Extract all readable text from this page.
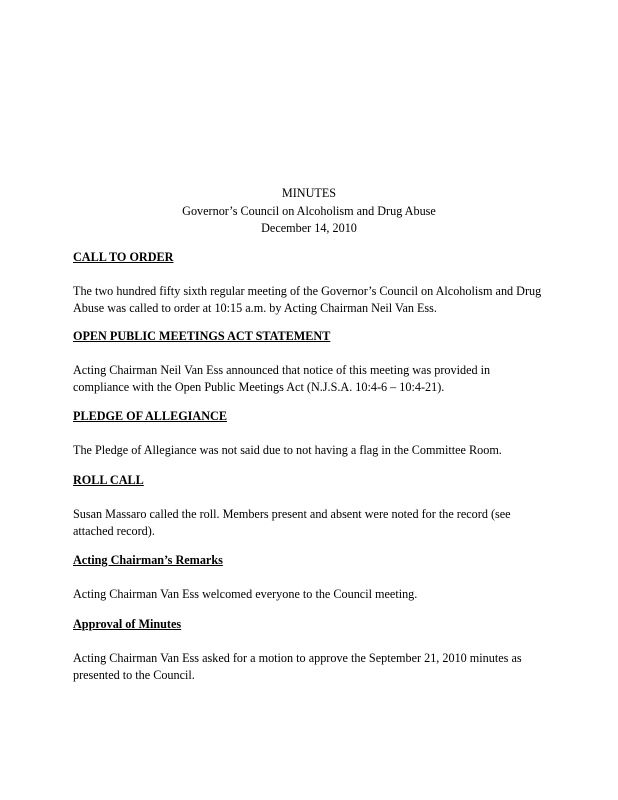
MINUTES
Governor’s Council on Alcoholism and Drug Abuse
December 14, 2010

CALL TO ORDER

The two hundred fifty sixth regular meeting of the Governor’s Council on Alcoholism and Drug

Abuse was called to order at 10:15 a.m. by Acting Chairman Neil Van Ess.

OPEN PUBLIC MEETINGS ACT STATEMENT

Acting Chairman Neil Van Ess announced that notice of this meeting was provided in

compliance with the Open Public Meetings Act (N.J.S.A. 10:4-6 – 10:4-21).

PLEDGE OF ALLEGIANCE

The Pledge of Allegiance was not said due to not having a flag in the Committee Room.

ROLL CALL

Susan Massaro called the roll. Members present and absent were noted for the record (see

attached record).

Acting Chairman’s Remarks

Acting Chairman Van Ess welcomed everyone to the Council meeting.

Approval of Minutes

Acting Chairman Van Ess asked for a motion to approve the September 21, 2010 minutes as

presented to the Council.
